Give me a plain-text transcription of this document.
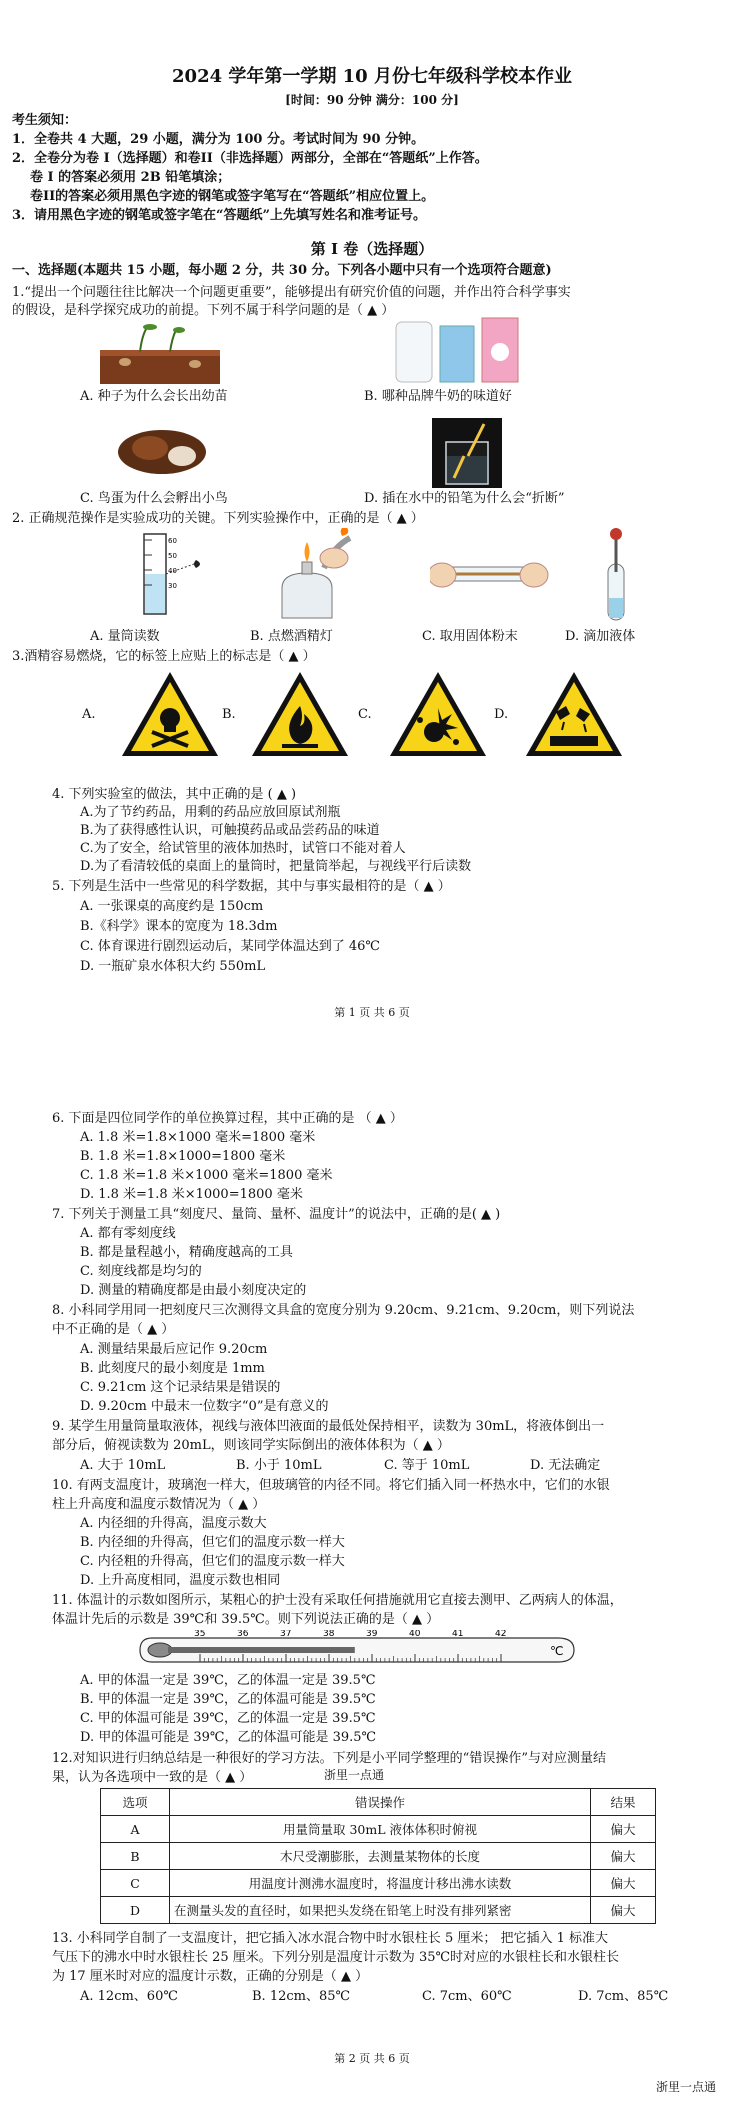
2024 学年第一学期 10 月份七年级科学校本作业
[时间：90 分钟 满分：100 分]
考生须知：
1．全卷共 4 大题，29 小题，满分为 100 分。考试时间为 90 分钟。
2．全卷分为卷 I（选择题）和卷II（非选择题）两部分，全部在“答题纸”上作答。
卷 I 的答案必须用 2B 铅笔填涂；
卷II的答案必须用黑色字迹的钢笔或签字笔写在“答题纸”相应位置上。
3．请用黑色字迹的钢笔或签字笔在“答题纸”上先填写姓名和准考证号。
第 I 卷（选择题）
一、选择题(本题共 15 小题，每小题 2 分，共 30 分。下列各小题中只有一个选项符合题意)
1.“提出一个问题往往比解决一个问题更重要”，能够提出有研究价值的问题，并作出符合科学事实
的假设，是科学探究成功的前提。下列不属于科学问题的是（ ▲ ）
A. 种子为什么会长出幼苗	B. 哪种品牌牛奶的味道好
C. 鸟蛋为什么会孵出小鸟	D. 插在水中的铅笔为什么会“折断”
2. 正确规范操作是实验成功的关键。下列实验操作中，正确的是（ ▲ ）
60
50
40
30
A. 量筒读数	B. 点燃酒精灯	C. 取用固体粉末	D. 滴加液体
3.酒精容易燃烧，它的标签上应贴上的标志是（ ▲ ）
A.	B.	C.	D.
4. 下列实验室的做法，其中正确的是 ( ▲ )
A.为了节约药品，用剩的药品应放回原试剂瓶
B.为了获得感性认识，可触摸药品或品尝药品的味道
C.为了安全，给试管里的液体加热时，试管口不能对着人
D.为了看清较低的桌面上的量筒时，把量筒举起，与视线平行后读数
5. 下列是生活中一些常见的科学数据，其中与事实最相符的是（ ▲ ）
A. 一张课桌的高度约是 150cm
B.《科学》课本的宽度为 18.3dm
C. 体育课进行剧烈运动后，某同学体温达到了 46℃
D. 一瓶矿泉水体积大约 550mL
第 1 页 共 6 页
6. 下面是四位同学作的单位换算过程，其中正确的是 （ ▲ ）
A. 1.8 米=1.8×1000 毫米=1800 毫米
B. 1.8 米=1.8×1000=1800 毫米
C. 1.8 米=1.8 米×1000 毫米=1800 毫米
D. 1.8 米=1.8 米×1000=1800 毫米
7. 下列关于测量工具“刻度尺、量筒、量杯、温度计”的说法中，正确的是( ▲ )
A. 都有零刻度线
B. 都是量程越小，精确度越高的工具
C. 刻度线都是均匀的
D. 测量的精确度都是由最小刻度决定的
8. 小科同学用同一把刻度尺三次测得文具盒的宽度分别为 9.20cm、9.21cm、9.20cm，则下列说法
中不正确的是（ ▲ ）
A. 测量结果最后应记作 9.20cm
B. 此刻度尺的最小刻度是 1mm
C. 9.21cm 这个记录结果是错误的
D. 9.20cm 中最末一位数字“0”是有意义的
9. 某学生用量筒量取液体，视线与液体凹液面的最低处保持相平，读数为 30mL，将液体倒出一
部分后，俯视读数为 20mL，则该同学实际倒出的液体体积为（ ▲ ）
A. 大于 10mL	B. 小于 10mL	C. 等于 10mL	D. 无法确定
10. 有两支温度计，玻璃泡一样大，但玻璃管的内径不同。将它们插入同一杯热水中，它们的水银
柱上升高度和温度示数情况为（ ▲ ）
A. 内径细的升得高，温度示数大
B. 内径细的升得高，但它们的温度示数一样大
C. 内径粗的升得高，但它们的温度示数一样大
D. 上升高度相同，温度示数也相同
11. 体温计的示数如图所示，某粗心的护士没有采取任何措施就用它直接去测甲、乙两病人的体温，
体温计先后的示数是 39℃和 39.5℃。则下列说法正确的是（ ▲ ）
35	36	37	38	39	40	41	42
℃
A. 甲的体温一定是 39℃，乙的体温一定是 39.5℃
B. 甲的体温一定是 39℃，乙的体温可能是 39.5℃
C. 甲的体温可能是 39℃，乙的体温一定是 39.5℃
D. 甲的体温可能是 39℃，乙的体温可能是 39.5℃
12.对知识进行归纳总结是一种很好的学习方法。下列是小平同学整理的“错误操作”与对应测量结
果，认为各选项中一致的是（ ▲ ）	浙里一点通
选项	错误操作	结果
A	用量筒量取 30mL 液体体积时俯视	偏大
B	木尺受潮膨胀，去测量某物体的长度	偏大
C	用温度计测沸水温度时，将温度计移出沸水读数	偏大
D	在测量头发的直径时，如果把头发绕在铅笔上时没有排列紧密	偏大
13. 小科同学自制了一支温度计，把它插入冰水混合物中时水银柱长 5 厘米； 把它插入 1 标准大
气压下的沸水中时水银柱长 25 厘米。下列分别是温度计示数为 35℃时对应的水银柱长和水银柱长
为 17 厘米时对应的温度计示数，正确的分别是（ ▲ ）
A. 12cm、60℃	B. 12cm、85℃	C. 7cm、60℃	D. 7cm、85℃
第 2 页 共 6 页
浙里一点通
